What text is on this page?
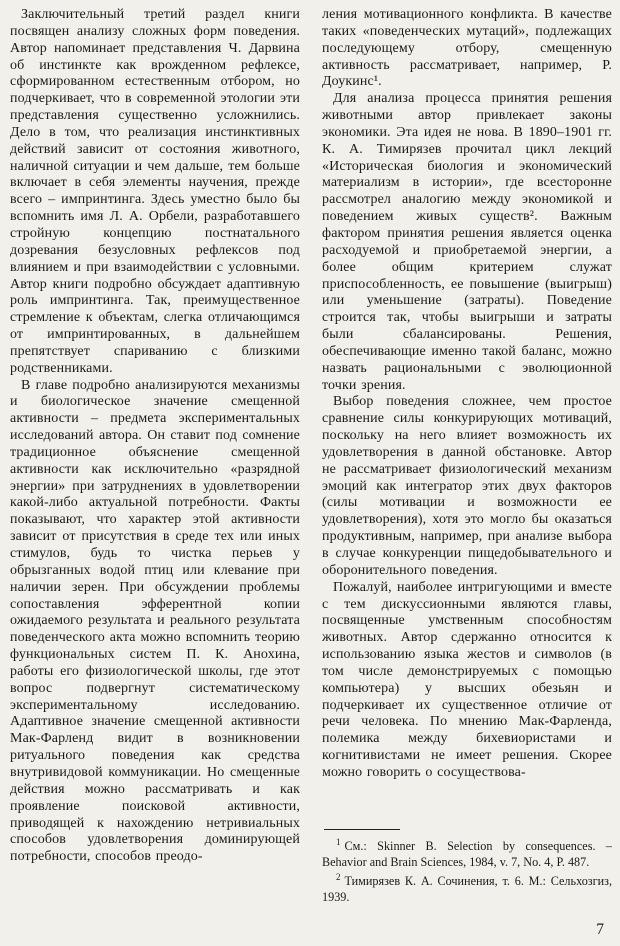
Заключительный третий раздел книги посвящен анализу сложных форм поведения. Автор напоминает представления Ч. Дарвина об инстинкте как врожденном рефлексе, сформированном естественным отбором, но подчеркивает, что в современной этологии эти представления существенно усложнились. Дело в том, что реализация инстинктивных действий зависит от состояния животного, наличной ситуации и чем дальше, тем больше включает в себя элементы научения, прежде всего – импринтинга. Здесь уместно было бы вспомнить имя Л. А. Орбели, разработавшего стройную концепцию постнатального дозревания безусловных рефлексов под влиянием и при взаимодействии с условными. Автор книги подробно обсуждает адаптивную роль импринтинга. Так, преимущественное стремление к объектам, слегка отличающимся от импринтированных, в дальнейшем препятствует спариванию с близкими родственниками.

В главе подробно анализируются механизмы и биологическое значение смещенной активности – предмета экспериментальных исследований автора. Он ставит под сомнение традиционное объяснение смещенной активности как исключительно «разрядной энергии» при затруднениях в удовлетворении какой-либо актуальной потребности. Факты показывают, что характер этой активности зависит от присутствия в среде тех или иных стимулов, будь то чистка перьев у обрызганных водой птиц или клевание при наличии зерен. При обсуждении проблемы сопоставления эфферентной копии ожидаемого результата и реального результата поведенческого акта можно вспомнить теорию функциональных систем П. К. Анохина, работы его физиологической школы, где этот вопрос подвергнут систематическому экспериментальному исследованию. Адаптивное значение смещенной активности Мак-Фарленд видит в возникновении ритуального поведения как средства внутривидовой коммуникации. Но смещенные действия можно рассматривать и как проявление поисковой активности, приводящей к нахождению нетривиальных способов удовлетворения доминирующей потребности, способов преодо-

ления мотивационного конфликта. В качестве таких «поведенческих мутаций», подлежащих последующему отбору, смещенную активность рассматривает, например, Р. Доукинс¹.

Для анализа процесса принятия решения животными автор привлекает законы экономики. Эта идея не нова. В 1890–1901 гг. К. А. Тимирязев прочитал цикл лекций «Историческая биология и экономический материализм в истории», где всесторонне рассмотрел аналогию между экономикой и поведением живых существ². Важным фактором принятия решения является оценка расходуемой и приобретаемой энергии, а более общим критерием служат приспособленность, ее повышение (выигрыш) или уменьшение (затраты). Поведение строится так, чтобы выигрыши и затраты были сбалансированы. Решения, обеспечивающие именно такой баланс, можно назвать рациональными с эволюционной точки зрения.

Выбор поведения сложнее, чем простое сравнение силы конкурирующих мотиваций, поскольку на него влияет возможность их удовлетворения в данной обстановке. Автор не рассматривает физиологический механизм эмоций как интегратор этих двух факторов (силы мотивации и возможности ее удовлетворения), хотя это могло бы оказаться продуктивным, например, при анализе выбора в случае конкуренции пищедобывательного и оборонительного поведения.

Пожалуй, наиболее интригующими и вместе с тем дискуссионными являются главы, посвященные умственным способностям животных. Автор сдержанно относится к использованию языка жестов и символов (в том числе демонстрируемых с помощью компьютера) у высших обезьян и подчеркивает их существенное отличие от речи человека. По мнению Мак-Фарленда, полемика между бихевиористами и когнитивистами не имеет решения. Скорее можно говорить о сосуществова-

$^1$ См.: Skinner B. Selection by consequences. – Behavior and Brain Sciences, 1984, v. 7, No. 4, P. 487.

$^2$ Тимирязев К. А. Сочинения, т. 6. М.: Сельхозгиз, 1939.

7
